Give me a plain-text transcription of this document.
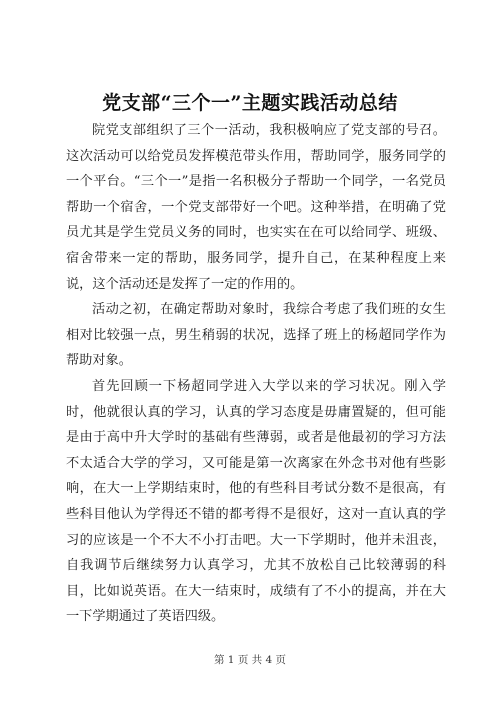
党支部“三个一”主题实践活动总结

院党支部组织了三个一活动，我积极响应了党支部的号召。这次活动可以给党员发挥模范带头作用，帮助同学，服务同学的一个平台。“三个一”是指一名积极分子帮助一个同学，一名党员帮助一个宿舍，一个党支部带好一个吧。这种举措，在明确了党员尤其是学生党员义务的同时，也实实在在可以给同学、班级、宿舍带来一定的帮助，服务同学，提升自己，在某种程度上来说，这个活动还是发挥了一定的作用的。

活动之初，在确定帮助对象时，我综合考虑了我们班的女生相对比较强一点，男生稍弱的状况，选择了班上的杨超同学作为帮助对象。

首先回顾一下杨超同学进入大学以来的学习状况。刚入学时，他就很认真的学习，认真的学习态度是毋庸置疑的，但可能是由于高中升大学时的基础有些薄弱，或者是他最初的学习方法不太适合大学的学习，又可能是第一次离家在外念书对他有些影响，在大一上学期结束时，他的有些科目考试分数不是很高，有些科目他认为学得还不错的都考得不是很好，这对一直认真的学习的应该是一个不大不小打击吧。大一下学期时，他并未沮丧，自我调节后继续努力认真学习，尤其不放松自己比较薄弱的科目，比如说英语。在大一结束时，成绩有了不小的提高，并在大一下学期通过了英语四级。

第 1 页 共 4 页
